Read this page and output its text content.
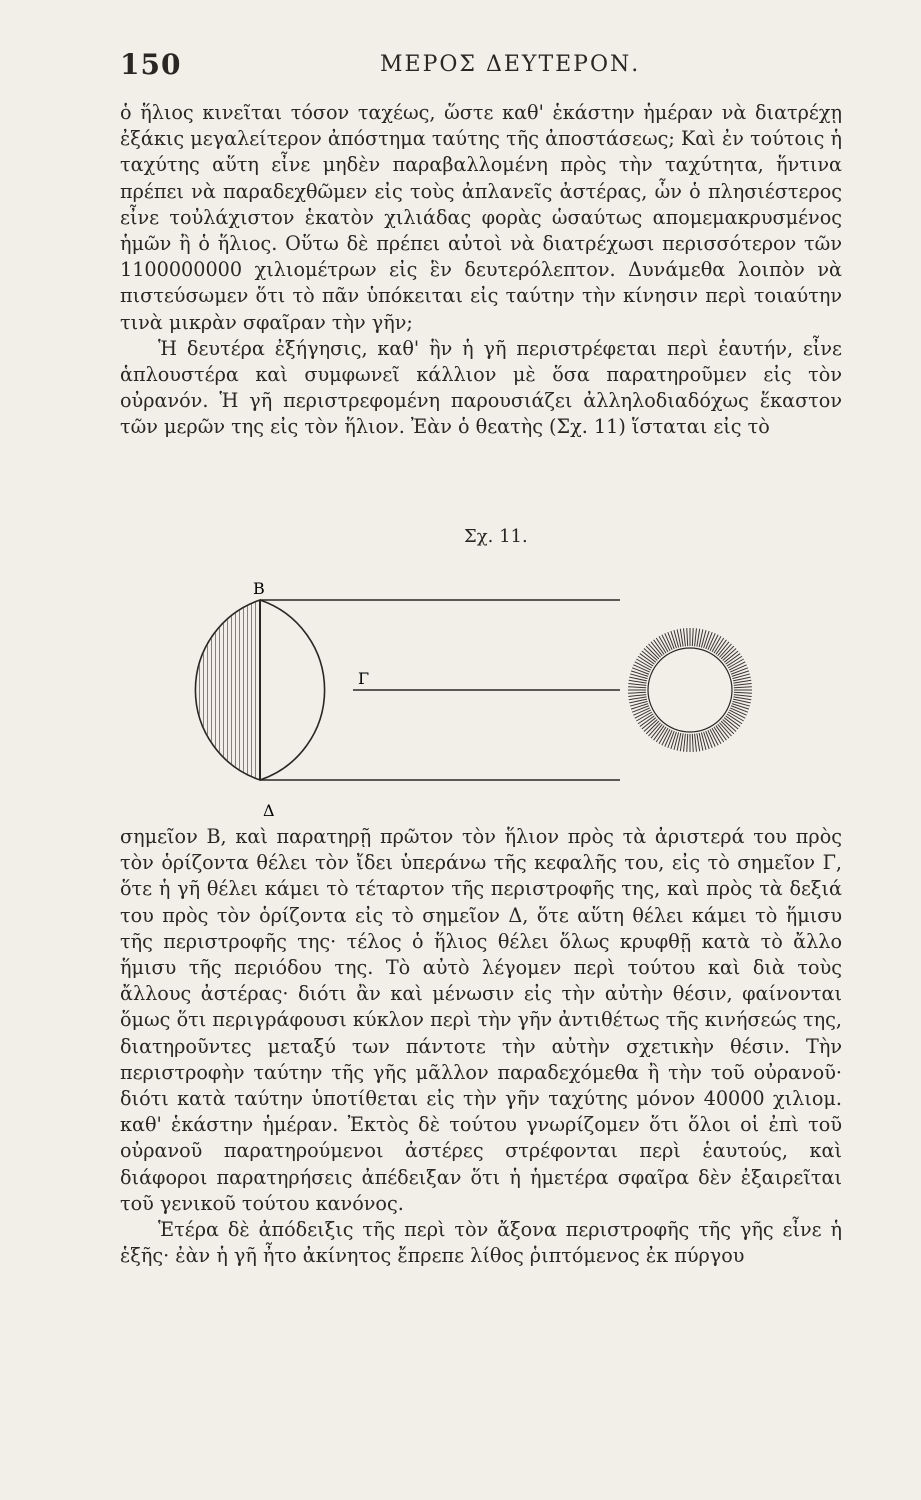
150	ΜΕΡΟΣ ΔΕΥΤΕΡΟΝ.

ὁ ἥλιος κινεῖται τόσον ταχέως, ὥστε καθ' ἑκάστην ἡμέραν νὰ διατρέχῃ ἐξάκις μεγαλείτερον ἀπόστημα ταύτης τῆς ἀποστάσεως; Καὶ ἐν τούτοις ἡ ταχύτης αὕτη εἶνε μηδὲν παραβαλλομένη πρὸς τὴν ταχύτητα, ἥντινα πρέπει νὰ παραδεχθῶμεν εἰς τοὺς ἀπλανεῖς ἀστέρας, ὧν ὁ πλησιέστερος εἶνε τοὐλάχιστον ἑκατὸν χιλιάδας φορὰς ὡσαύτως απομεμακρυσμένος ἡμῶν ἢ ὁ ἥλιος. Οὕτω δὲ πρέπει αὐτοὶ νὰ διατρέχωσι περισσότερον τῶν 1100000000 χιλιομέτρων εἰς ἓν δευτερόλεπτον. Δυνάμεθα λοιπὸν νὰ πιστεύσωμεν ὅτι τὸ πᾶν ὑπόκειται εἰς ταύτην τὴν κίνησιν περὶ τοιαύτην τινὰ μικρὰν σφαῖραν τὴν γῆν;

Ἡ δευτέρα ἐξήγησις, καθ' ἣν ἡ γῆ περιστρέφεται περὶ ἑαυτήν, εἶνε ἁπλουστέρα καὶ συμφωνεῖ κάλλιον μὲ ὅσα παρατηροῦμεν εἰς τὸν οὐρανόν. Ἡ γῆ περιστρεφομένη παρουσιάζει ἀλληλοδιαδόχως ἕκαστον τῶν μερῶν της εἰς τὸν ἥλιον. Ἐὰν ὁ θεατὴς (Σχ. 11) ἵσταται εἰς τὸ

Σχ. 11.
Β
Γ
Δ

σημεῖον Β, καὶ παρατηρῇ πρῶτον τὸν ἥλιον πρὸς τὰ ἀριστερά του πρὸς τὸν ὁρίζοντα θέλει τὸν ἴδει ὑπεράνω τῆς κεφαλῆς του, εἰς τὸ σημεῖον Γ, ὅτε ἡ γῆ θέλει κάμει τὸ τέταρτον τῆς περιστροφῆς της, καὶ πρὸς τὰ δεξιά του πρὸς τὸν ὁρίζοντα εἰς τὸ σημεῖον Δ, ὅτε αὕτη θέλει κάμει τὸ ἥμισυ τῆς περιστροφῆς της· τέλος ὁ ἥλιος θέλει ὅλως κρυφθῇ κατὰ τὸ ἄλλο ἥμισυ τῆς περιόδου της. Τὸ αὐτὸ λέγομεν περὶ τούτου καὶ διὰ τοὺς ἄλλους ἀστέρας· διότι ἂν καὶ μένωσιν εἰς τὴν αὐτὴν θέσιν, φαίνονται ὅμως ὅτι περιγράφουσι κύκλον περὶ τὴν γῆν ἀντιθέτως τῆς κινήσεώς της, διατηροῦντες μεταξύ των πάντοτε τὴν αὐτὴν σχετικὴν θέσιν. Τὴν περιστροφὴν ταύτην τῆς γῆς μᾶλλον παραδεχόμεθα ἢ τὴν τοῦ οὐρανοῦ· διότι κατὰ ταύτην ὑποτίθεται εἰς τὴν γῆν ταχύτης μόνον 40000 χιλιομ. καθ' ἑκάστην ἡμέραν. Ἐκτὸς δὲ τούτου γνωρίζομεν ὅτι ὅλοι οἱ ἐπὶ τοῦ οὐρανοῦ παρατηρούμενοι ἀστέρες στρέφονται περὶ ἑαυτούς, καὶ διάφοροι παρατηρήσεις ἀπέδειξαν ὅτι ἡ ἡμετέρα σφαῖρα δὲν ἐξαιρεῖται τοῦ γενικοῦ τούτου κανόνος.

Ἑτέρα δὲ ἀπόδειξις τῆς περὶ τὸν ἄξονα περιστροφῆς τῆς γῆς εἶνε ἡ ἑξῆς· ἐὰν ἡ γῆ ἦτο ἀκίνητος ἔπρεπε λίθος ῥιπτόμενος ἐκ πύργου
